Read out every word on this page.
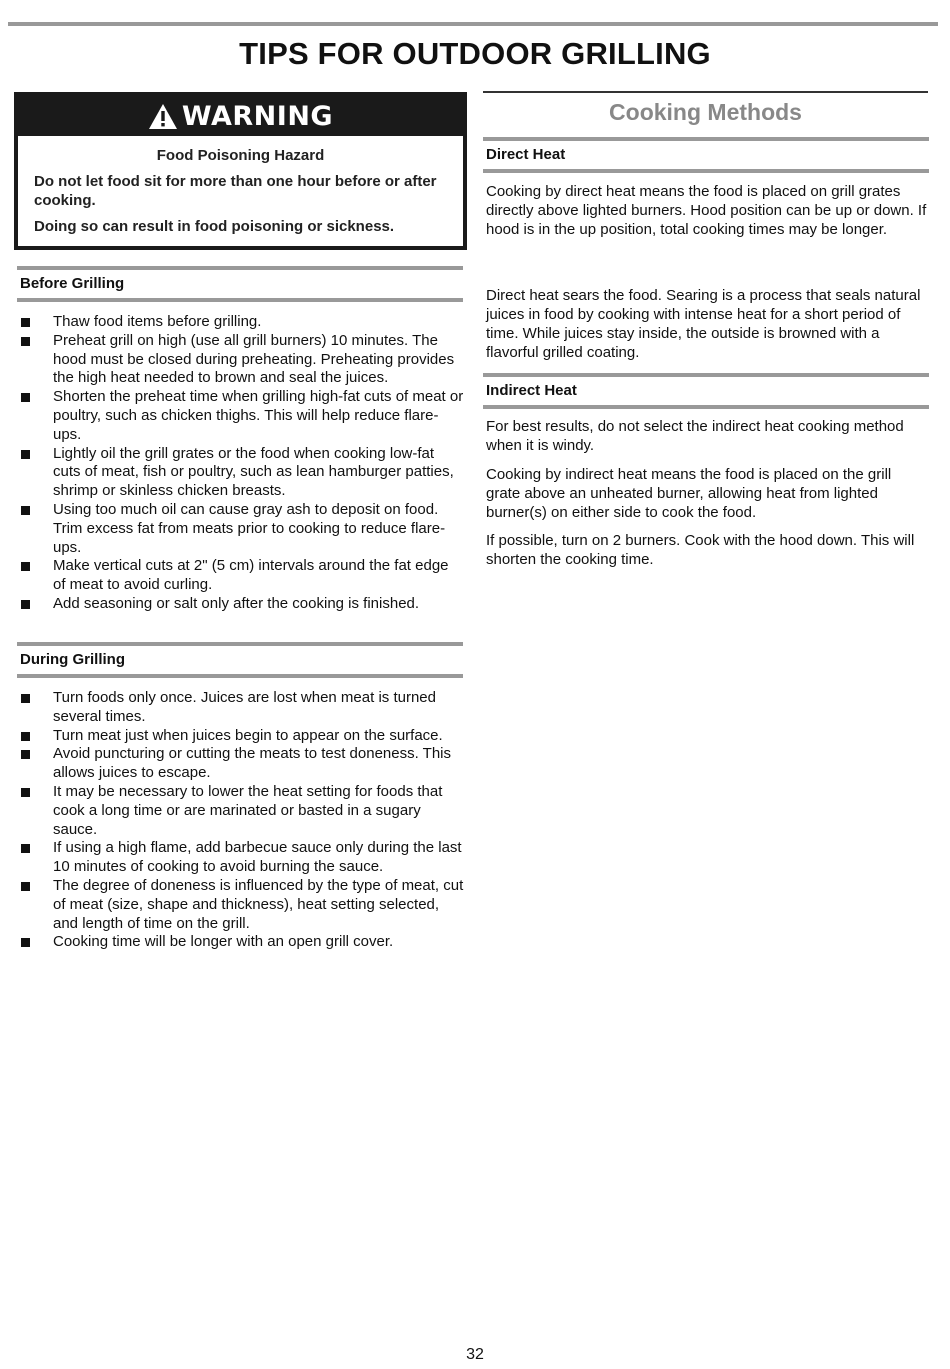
TIPS FOR OUTDOOR GRILLING
WARNING
Food Poisoning Hazard

Do not let food sit for more than one hour before or after cooking.

Doing so can result in food poisoning or sickness.

Before Grilling
Thaw food items before grilling.
Preheat grill on high (use all grill burners) 10 minutes. The hood must be closed during preheating. Preheating provides the high heat needed to brown and seal the juices.
Shorten the preheat time when grilling high-fat cuts of meat or poultry, such as chicken thighs. This will help reduce flare-ups.
Lightly oil the grill grates or the food when cooking low-fat cuts of meat, fish or poultry, such as lean hamburger patties, shrimp or skinless chicken breasts.
Using too much oil can cause gray ash to deposit on food. Trim excess fat from meats prior to cooking to reduce flare-ups.
Make vertical cuts at 2" (5 cm) intervals around the fat edge of meat to avoid curling.
Add seasoning or salt only after the cooking is finished.
During Grilling
Turn foods only once. Juices are lost when meat is turned several times.
Turn meat just when juices begin to appear on the surface.
Avoid puncturing or cutting the meats to test doneness. This allows juices to escape.
It may be necessary to lower the heat setting for foods that cook a long time or are marinated or basted in a sugary sauce.
If using a high flame, add barbecue sauce only during the last 10 minutes of cooking to avoid burning the sauce.
The degree of doneness is influenced by the type of meat, cut of meat (size, shape and thickness), heat setting selected, and length of time on the grill.
Cooking time will be longer with an open grill cover.
Cooking Methods
Direct Heat

Cooking by direct heat means the food is placed on grill grates directly above lighted burners. Hood position can be up or down. If hood is in the up position, total cooking times may be longer.

Direct heat sears the food. Searing is a process that seals natural juices in food by cooking with intense heat for a short period of time. While juices stay inside, the outside is browned with a flavorful grilled coating.

Indirect Heat

For best results, do not select the indirect heat cooking method when it is windy.

Cooking by indirect heat means the food is placed on the grill grate above an unheated burner, allowing heat from lighted burner(s) on either side to cook the food.

If possible, turn on 2 burners. Cook with the hood down. This will shorten the cooking time.

32
